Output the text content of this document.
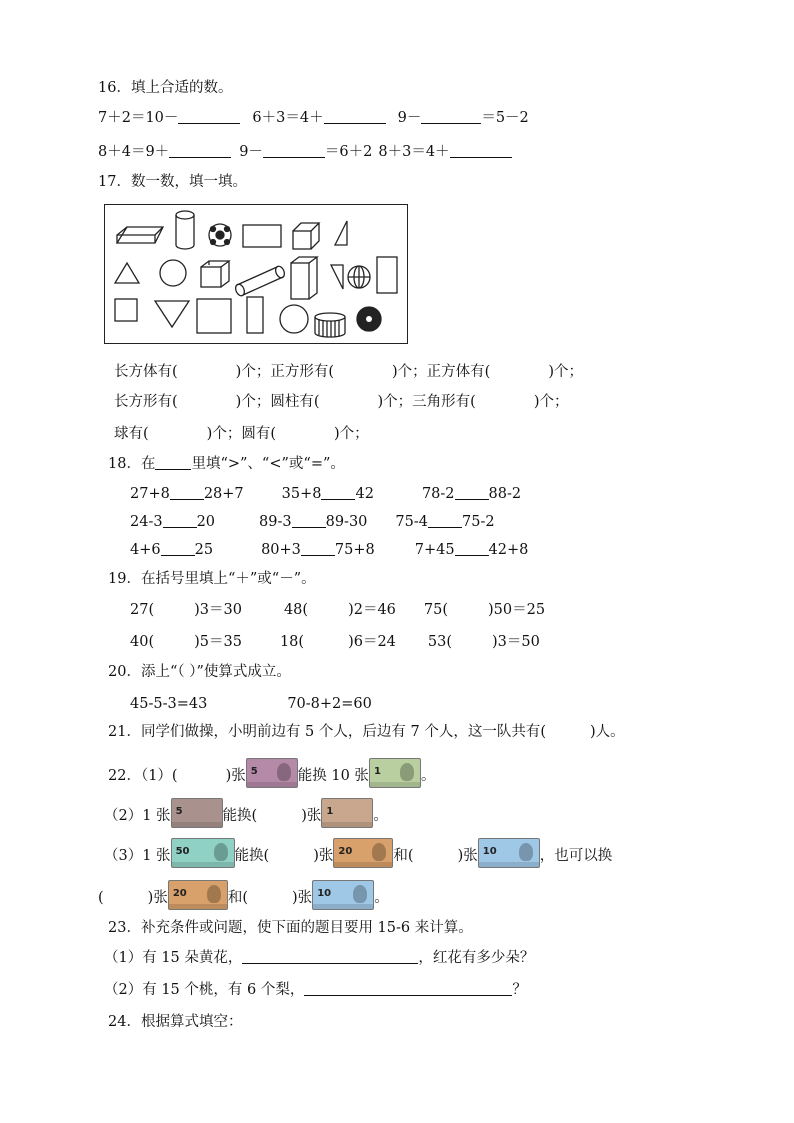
16．填上合适的数。
7＋2＝10－	6＋3＝4＋	9－	＝5－2
8＋4＝9＋	9－	＝6＋2 8＋3＝4＋
17．数一数，填一填。
长方体有(	)个；正方形有(	)个；正方体有(	)个；
长方形有(	)个；圆柱有(	)个；三角形有(	)个；
球有(	)个；圆有(	)个；
18．在 里填“>”、“<”或“=”。
27+8 28+7	35+8 42	78-2 88-2
24-3 20	89-3 89-30 75-4 75-2
4+6 25	80+3 75+8	7+45 42+8
19．在括号里填上“＋”或“－”。
27(	)3＝30	48(	)2＝46 75(	)50＝25
40(	)5＝35	18(	)6＝24 53(	)3＝50
20．添上“（ ）”使算式成立。
45-5-3=43	70-8+2=60
21．同学们做操，小明前边有 5 个人，后边有 7 个人，这一队共有(	)人。
22．（1）(	)张 5	能换 10 张 1	。
（2）1 张 5	能换(	)张 1	。
（3）1 张 50	能换(	)张 20	和(	)张 10	，也可以换
(	)张 20	和(	)张 10	。
23．补充条件或问题，使下面的题目要用 15-6 来计算。
（1）有 15 朵黄花，	，红花有多少朵？
（2）有 15 个桃，有 6 个梨，	？
24．根据算式填空：
